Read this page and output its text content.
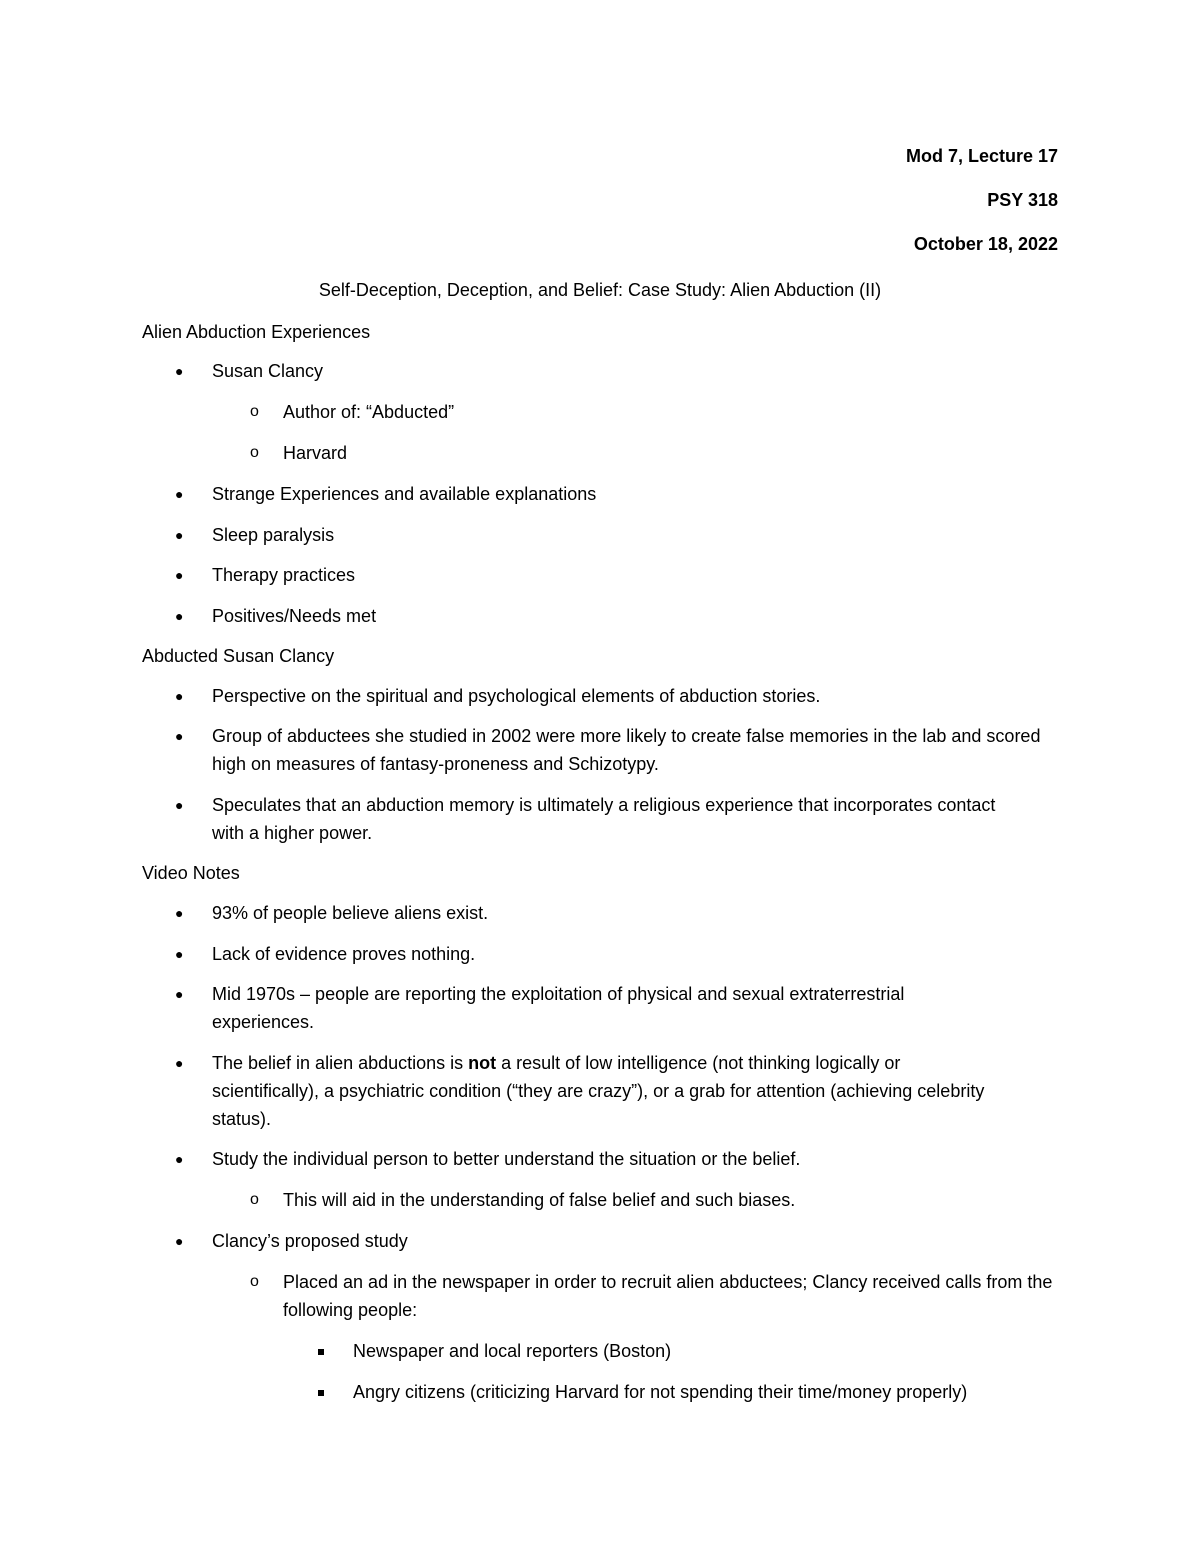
Mod 7, Lecture 17
PSY 318
October 18, 2022
Self-Deception, Deception, and Belief: Case Study: Alien Abduction (II)
Alien Abduction Experiences
● Susan Clancy
o Author of: “Abducted”
o Harvard
● Strange Experiences and available explanations
● Sleep paralysis
● Therapy practices
● Positives/Needs met
Abducted Susan Clancy
● Perspective on the spiritual and psychological elements of abduction stories.
● Group of abductees she studied in 2002 were more likely to create false memories in the lab and scored high on measures of fantasy-proneness and Schizotypy.
● Speculates that an abduction memory is ultimately a religious experience that incorporates contact with a higher power.
Video Notes
● 93% of people believe aliens exist.
● Lack of evidence proves nothing.
● Mid 1970s – people are reporting the exploitation of physical and sexual extraterrestrial experiences.
● The belief in alien abductions is not a result of low intelligence (not thinking logically or scientifically), a psychiatric condition (“they are crazy”), or a grab for attention (achieving celebrity status).
● Study the individual person to better understand the situation or the belief.
o This will aid in the understanding of false belief and such biases.
● Clancy’s proposed study
o Placed an ad in the newspaper in order to recruit alien abductees; Clancy received calls from the following people:
Newspaper and local reporters (Boston)
Angry citizens (criticizing Harvard for not spending their time/money properly)
